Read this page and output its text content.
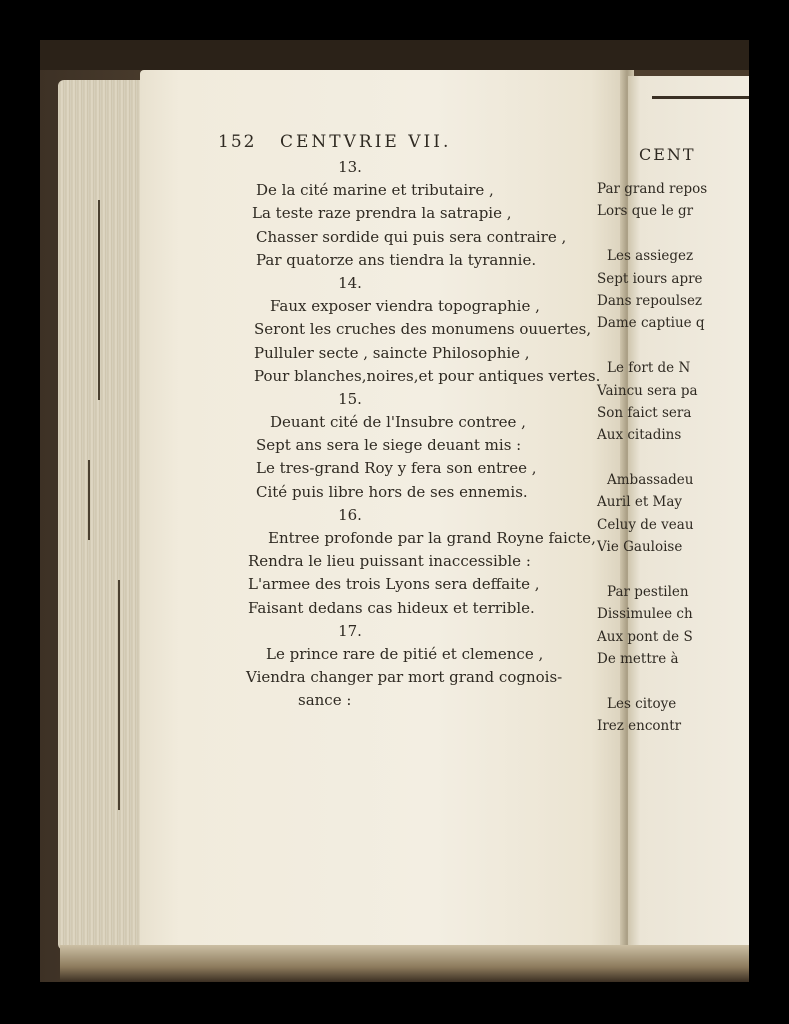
152 CENTVRIE VII.
13.
De la cité marine et tributaire ,
La teste raze prendra la satrapie ,
Chasser sordide qui puis sera contraire ,
Par quatorze ans tiendra la tyrannie.
14.
Faux exposer viendra topographie ,
Seront les cruches des monumens ouuertes,
Pulluler secte , saincte Philosophie ,
Pour blanches,noires,et pour antiques vertes.
15.
Deuant cité de l'Insubre contree ,
Sept ans sera le siege deuant mis :
Le tres-grand Roy y fera son entree ,
Cité puis libre hors de ses ennemis.
16.
Entree profonde par la grand Royne faicte,
Rendra le lieu puissant inaccessible :
L'armee des trois Lyons sera deffaite ,
Faisant dedans cas hideux et terrible.
17.
Le prince rare de pitié et clemence ,
Viendra changer par mort grand cognois-
sance :
CENT
Par grand repos
Lors que le gr
Les assiegez
Sept iours apre
Dans repoulsez
Dame captiue q
Le fort de N
Vaincu sera pa
Son faict sera
Aux citadins
Ambassadeu
Auril et May
Celuy de veau
Vie Gauloise
Par pestilen
Dissimulee ch
Aux pont de S
De mettre à
Les citoye
Irez encontr
